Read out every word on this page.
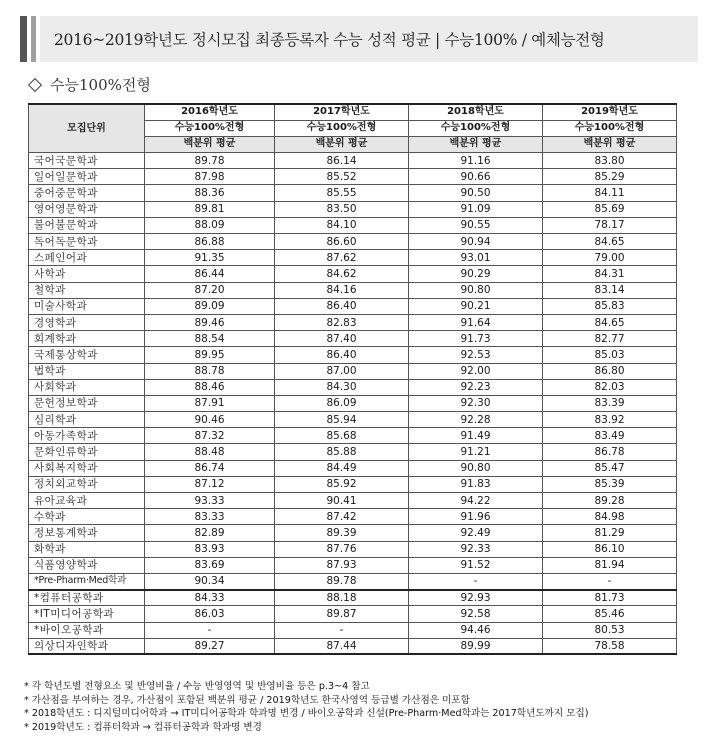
2016~2019학년도 정시모집 최종등록자 수능 성적 평균 | 수능100% / 예체능전형
수능100%전형
모집단위	2016학년도	2017학년도	2018학년도	2019학년도
	수능100%전형	수능100%전형	수능100%전형	수능100%전형
	백분위 평균	백분위 평균	백분위 평균	백분위 평균
국어국문학과	89.78	86.14	91.16	83.80
일어일문학과	87.98	85.52	90.66	85.29
중어중문학과	88.36	85.55	90.50	84.11
영어영문학과	89.81	83.50	91.09	85.69
불어불문학과	88.09	84.10	90.55	78.17
독어독문학과	86.88	86.60	90.94	84.65
스페인어과	91.35	87.62	93.01	79.00
사학과	86.44	84.62	90.29	84.31
철학과	87.20	84.16	90.80	83.14
미술사학과	89.09	86.40	90.21	85.83
경영학과	89.46	82.83	91.64	84.65
회계학과	88.54	87.40	91.73	82.77
국제통상학과	89.95	86.40	92.53	85.03
법학과	88.78	87.00	92.00	86.80
사회학과	88.46	84.30	92.23	82.03
문헌정보학과	87.91	86.09	92.30	83.39
심리학과	90.46	85.94	92.28	83.92
아동가족학과	87.32	85.68	91.49	83.49
문화인류학과	88.48	85.88	91.21	86.78
사회복지학과	86.74	84.49	90.80	85.47
정치외교학과	87.12	85.92	91.83	85.39
유아교육과	93.33	90.41	94.22	89.28
수학과	83.33	87.42	91.96	84.98
정보통계학과	82.89	89.39	92.49	81.29
화학과	83.93	87.76	92.33	86.10
식품영양학과	83.69	87.93	91.52	81.94
*Pre-Pharm·Med학과	90.34	89.78	-	-
*컴퓨터공학과	84.33	88.18	92.93	81.73
*IT미디어공학과	86.03	89.87	92.58	85.46
*바이오공학과	-	-	94.46	80.53
의상디자인학과	89.27	87.44	89.99	78.58
* 각 학년도별 전형요소 및 반영비율 / 수능 반영영역 및 반영비율 등은 p.3~4 참고
* 가산점을 부여하는 경우, 가산점이 포함된 백분위 평균 / 2019학년도 한국사영역 등급별 가산점은 미포함
* 2018학년도 : 디지털미디어학과 → IT미디어공학과 학과명 변경 / 바이오공학과 신설(Pre-Pharm·Med학과는 2017학년도까지 모집)
* 2019학년도 : 컴퓨터학과 → 컴퓨터공학과 학과명 변경
